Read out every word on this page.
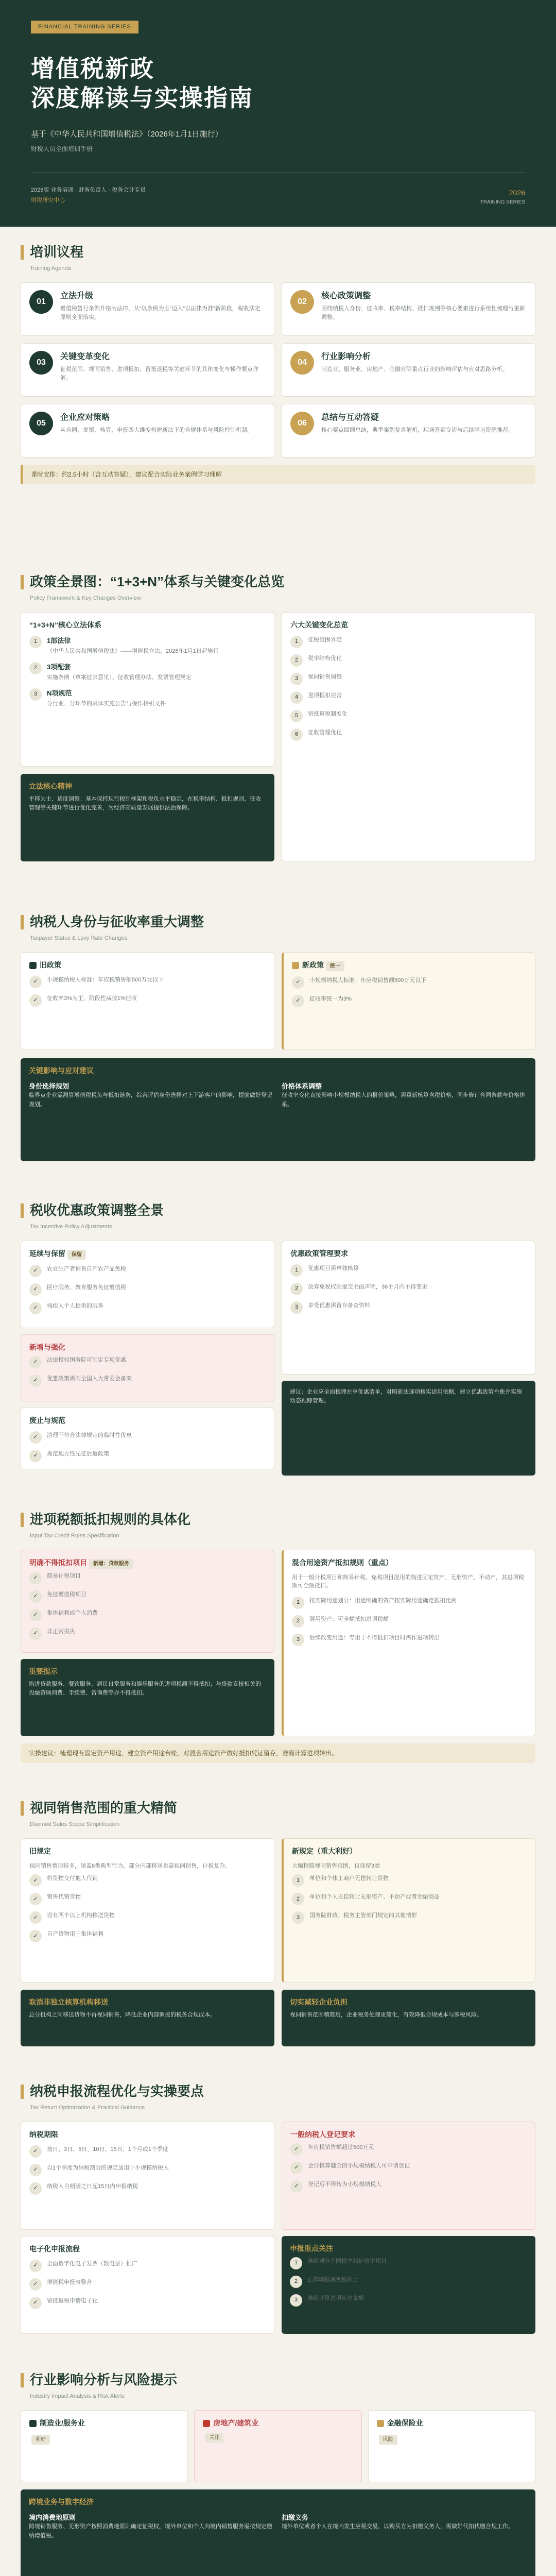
FINANCIAL TRAINING SERIES
增值税新政
深度解读与实操指南
基于《中华人民共和国增值税法》（2026年1月1日施行）
财税人员全面培训手册
2026版 业务培训 · 财务负责人 · 税务会计专员
财税研究中心
2026
TRAINING SERIES
培训议程
Training Agenda
01
立法升级

增值税暂行条例升格为法律，从“以条例为主”迈入“以法律为准”新阶段，税收法定原则全面落实。

02
核心政策调整

围绕纳税人身份、征收率、税率结构、抵扣规则等核心要素进行系统性梳理与重新调整。

03
关键变革变化

征税范围、视同销售、进项抵扣、留抵退税等关键环节的具体变化与操作要点详解。

04
行业影响分析

制造业、服务业、房地产、金融业等重点行业的影响评估与应对思路分析。

05
企业应对策略

从合同、发票、核算、申报四大维度构建新法下的合规体系与风险控制机制。

06
总结与互动答疑

核心要点回顾总结，典型案例复盘解析，现场答疑交流与后续学习资源推荐。

课时安排：约2.5小时（含互动答疑），建议配合实际业务案例学习理解
政策全景图：“1+3+N”体系与关键变化总览
Policy Framework & Key Changes Overview
“1+3+N”核心立法体系
1	1部法律
《中华人民共和国增值税法》——增值税立法，2026年1月1日起施行
2	3项配套
实施条例（草案征求意见）、征收管理办法、发票管理规定
3	N项规范
分行业、分环节的具体实施公告与操作指引文件
立法核心精神

平移为主、适度调整：基本保持现行税制框架和税负水平稳定，在税率结构、抵扣规则、征收管理等关键环节进行优化完善，为经济高质量发展提供法治保障。

六大关键变化总览
1	征税范围界定
2	税率结构优化
3	视同销售调整
4	进项抵扣完善
5	留抵退税制度化
6	征收管理优化
纳税人身份与征收率重大调整
Taxpayer Status & Levy Rate Changes
旧政策
✓	小规模纳税人标准：年应税销售额500万元以下
✓	征收率3%为主，阶段性减按1%征收
新政策 统一
✓	小规模纳税人标准：年应税销售额500万元以下
✓	征收率统一为3%
关键影响与应对建议
身份选择规划

临界点企业需测算增值税税负与抵扣链条，综合评估身份选择对上下游客户的影响，提前做好登记规划。

价格体系调整

征收率变化直接影响小规模纳税人的报价策略，需重新核算含税价格，同步修订合同条款与价格体系。

税收优惠政策调整全景
Tax Incentive Policy Adjustments
延续与保留 保留
✓	农业生产者销售自产农产品免税
✓	医疗服务、教育服务免征增值税
✓	残疾人个人提供的服务
新增与强化
✓	法律授权国务院可制定专项优惠
✓	优惠政策需向全国人大常委会备案
废止与规范
✓	清理不符合法律规定的临时性优惠
✓	规范地方性先征后返政策
优惠政策管理要求
1	优惠项目需单独核算
2	放弃免税权须提交书面声明，36个月内不得变更
3	享受优惠需留存备查资料

建议：企业应全面梳理在享优惠清单，对照新法逐项核实适用依据，建立优惠政策台账并实施动态跟踪管理。

进项税额抵扣规则的具体化
Input Tax Credit Rules Specification
明确不得抵扣项目 新增：贷款服务
✓	简易计税项目
✓	免征增值税项目
✓	集体福利或个人消费
✓	非正常损失
重要提示

购进贷款服务、餐饮服务、居民日常服务和娱乐服务的进项税额不得抵扣；与贷款直接相关的投融资顾问费、手续费、咨询费等亦不得抵扣。

混合用途资产抵扣规则（重点）

用于一般计税项目和简易计税、免税项目混用的购进固定资产、无形资产、不动产，其进项税额可全额抵扣。

1	按实际用途划分：用途明确的资产按实际用途确定抵扣比例
2	混用资产：可全额抵扣进项税额
3	后续改变用途：专用于不得抵扣项目时需作进项转出
实操建议：梳理现有固定资产用途，建立资产用途台账，对混合用途资产做好抵扣凭证留存，准确计算进项转出。
视同销售范围的重大精简
Deemed Sales Scope Simplification
旧规定

视同销售情形较多，涵盖8类典型行为，部分内部移送也需视同销售，计税复杂。

✓	将货物交付他人代销
✓	销售代销货物
✓	设有两个以上机构移送货物
✓	自产货物用于集体福利
新规定（重大利好）

大幅精简视同销售范围，仅保留3类

1	单位和个体工商户无偿转让货物
2	单位和个人无偿转让无形资产、不动产或者金融商品
3	国务院财政、税务主管部门规定的其他情形
取消非独立核算机构移送

总分机构之间移送货物不再视同销售，降低企业内部调拨的税务合规成本。

切实减轻企业负担

视同销售范围精简后，企业税务处理更简化，有效降低合规成本与涉税风险。

纳税申报流程优化与实操要点
Tax Return Optimization & Practical Guidance
纳税期限
✓	按日、3日、5日、10日、15日、1个月或1个季度
✓	以1个季度为纳税期限的规定适用于小规模纳税人
✓	纳税人自期满之日起15日内申报纳税
电子化申报流程
✓	全面数字化电子发票（数电票）推广
✓	增值税申报表整合
✓	留抵退税申请电子化
一般纳税人登记要求
✓	年应税销售额超过500万元
✓	会计核算健全的小规模纳税人可申请登记
✓	登记后不得转为小规模纳税人
申报重点关注
1	准确划分不同税率和征收率项目
2	正确填报减免税项目
3	准确计算进项转出金额
行业影响分析与风险提示
Industry Impact Analysis & Risk Alerts
制造业/服务业
利好
房地产/建筑业
关注
金融保险业
风险
跨境业务与数字经济
境内消费地原则

跨境销售服务、无形资产按照消费地原则确定征税权，境外单位和个人向境内销售服务需按规定缴纳增值税。

扣缴义务

境外单位或者个人在境内发生应税交易，以购买方为扣缴义务人，需做好代扣代缴合规工作。
